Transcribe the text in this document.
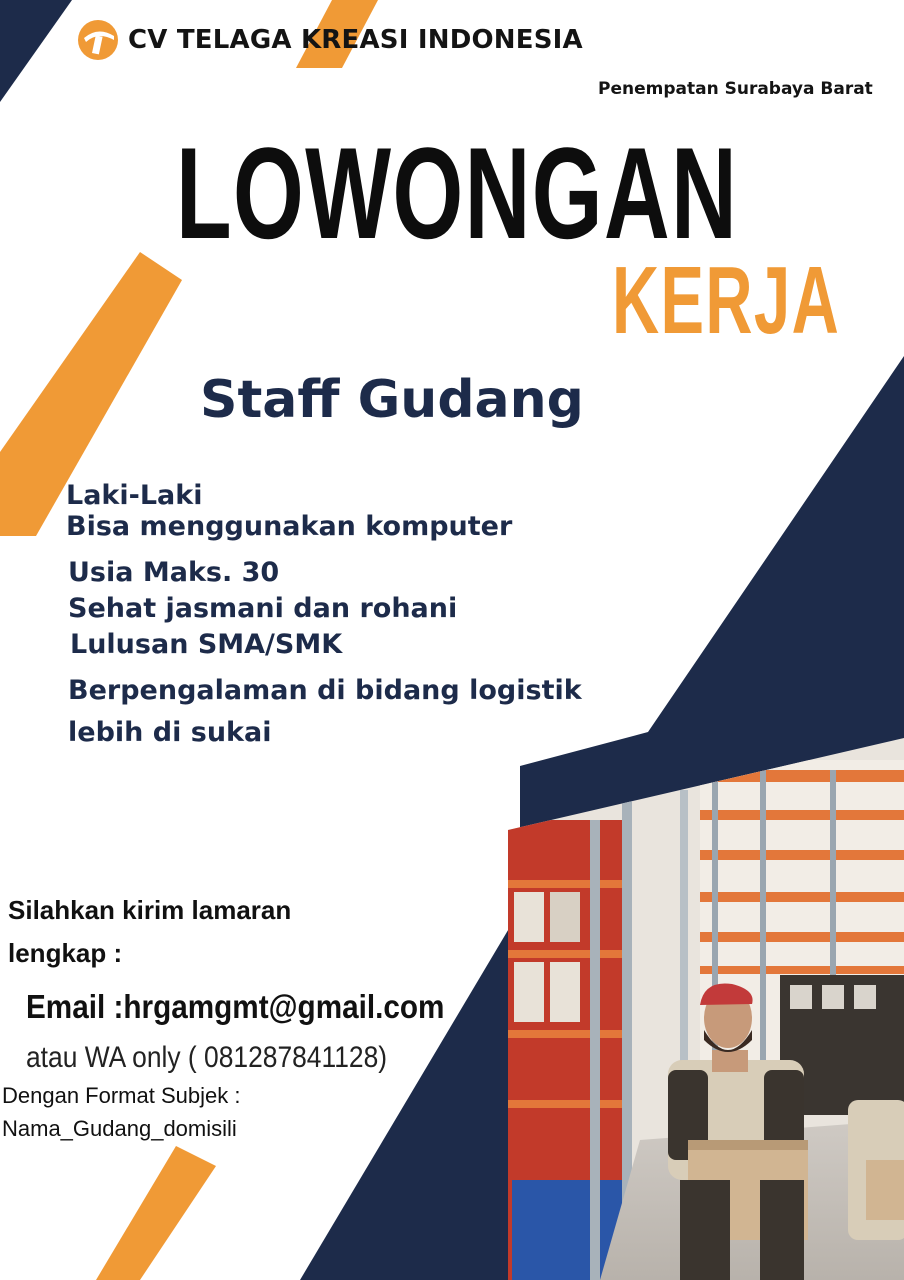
CV TELAGA KREASI INDONESIA
Penempatan Surabaya Barat
LOWONGAN
KERJA
Staff Gudang
Laki-Laki
Bisa menggunakan komputer
Usia Maks. 30
Sehat jasmani dan rohani
Lulusan SMA/SMK
Berpengalaman di bidang logistik
lebih di sukai
Silahkan kirim lamaran
lengkap :
Email :hrgamgmt@gmail.com
atau WA only ( 081287841128)
Dengan Format Subjek :
Nama_Gudang_domisili
